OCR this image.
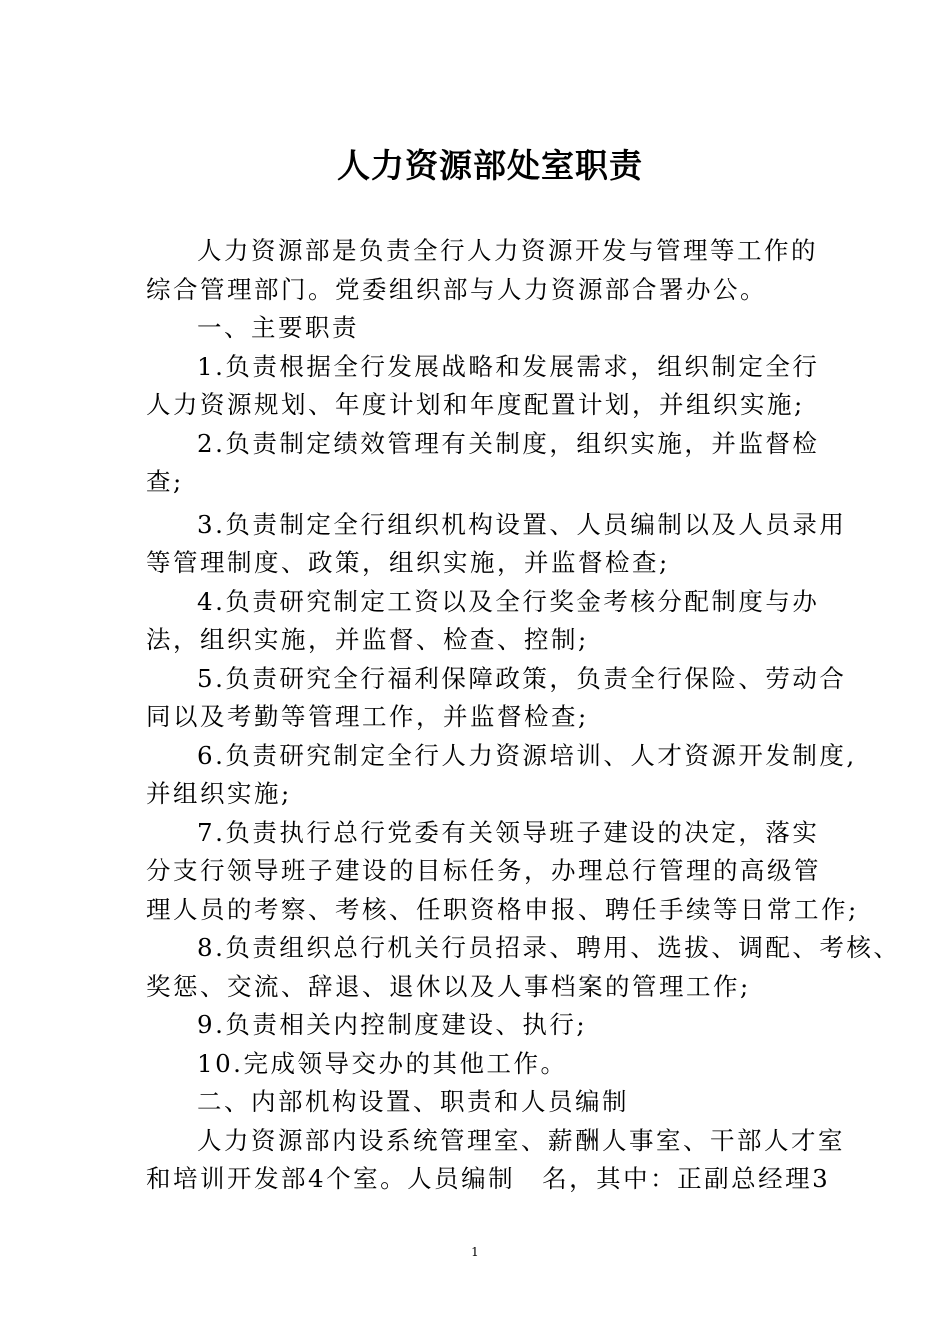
人力资源部处室职责
人力资源部是负责全行人力资源开发与管理等工作的
综合管理部门。党委组织部与人力资源部合署办公。
一、主要职责
1.负责根据全行发展战略和发展需求，组织制定全行
人力资源规划、年度计划和年度配置计划，并组织实施;
2.负责制定绩效管理有关制度，组织实施，并监督检
查;
3.负责制定全行组织机构设置、人员编制以及人员录用
等管理制度、政策，组织实施，并监督检查;
4.负责研究制定工资以及全行奖金考核分配制度与办
法，组织实施，并监督、检查、控制;
5.负责研究全行福利保障政策，负责全行保险、劳动合
同以及考勤等管理工作，并监督检查;
6.负责研究制定全行人力资源培训、人才资源开发制度,
并组织实施;
7.负责执行总行党委有关领导班子建设的决定，落实
分支行领导班子建设的目标任务，办理总行管理的高级管
理人员的考察、考核、任职资格申报、聘任手续等日常工作;
8.负责组织总行机关行员招录、聘用、选拔、调配、考核、
奖惩、交流、辞退、退休以及人事档案的管理工作;
9.负责相关内控制度建设、执行;
10.完成领导交办的其他工作。
二、内部机构设置、职责和人员编制
人力资源部内设系统管理室、薪酬人事室、干部人才室
和培训开发部4个室。人员编制　名，其中：正副总经理3
1
